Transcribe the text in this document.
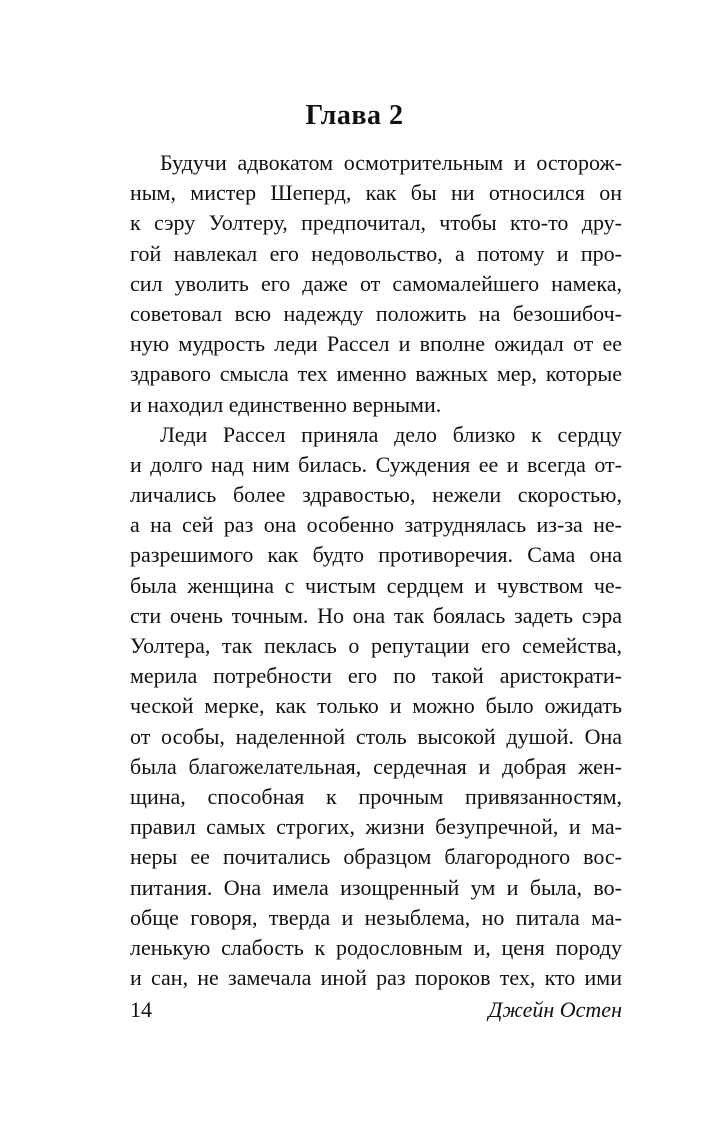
Глава 2
Будучи адвокатом осмотрительным и осторож-
ным, мистер Шеперд, как бы ни относился он
к сэру Уолтеру, предпочитал, чтобы кто-то дру-
гой навлекал его недовольство, а потому и про-
сил уволить его даже от самомалейшего намека,
советовал всю надежду положить на безошибоч-
ную мудрость леди Рассел и вполне ожидал от ее
здравого смысла тех именно важных мер, которые
и находил единственно верными.
Леди Рассел приняла дело близко к сердцу
и долго над ним билась. Суждения ее и всегда от-
личались более здравостью, нежели скоростью,
а на сей раз она особенно затруднялась из-за не-
разрешимого как будто противоречия. Сама она
была женщина с чистым сердцем и чувством че-
сти очень точным. Но она так боялась задеть сэра
Уолтера, так пеклась о репутации его семейства,
мерила потребности его по такой аристократи-
ческой мерке, как только и можно было ожидать
от особы, наделенной столь высокой душой. Она
была благожелательная, сердечная и добрая жен-
щина, способная к прочным привязанностям,
правил самых строгих, жизни безупречной, и ма-
неры ее почитались образцом благородного вос-
питания. Она имела изощренный ум и была, во-
обще говоря, тверда и незыблема, но питала ма-
ленькую слабость к родословным и, ценя породу
и сан, не замечала иной раз пороков тех, кто ими
14	Джейн Остен
